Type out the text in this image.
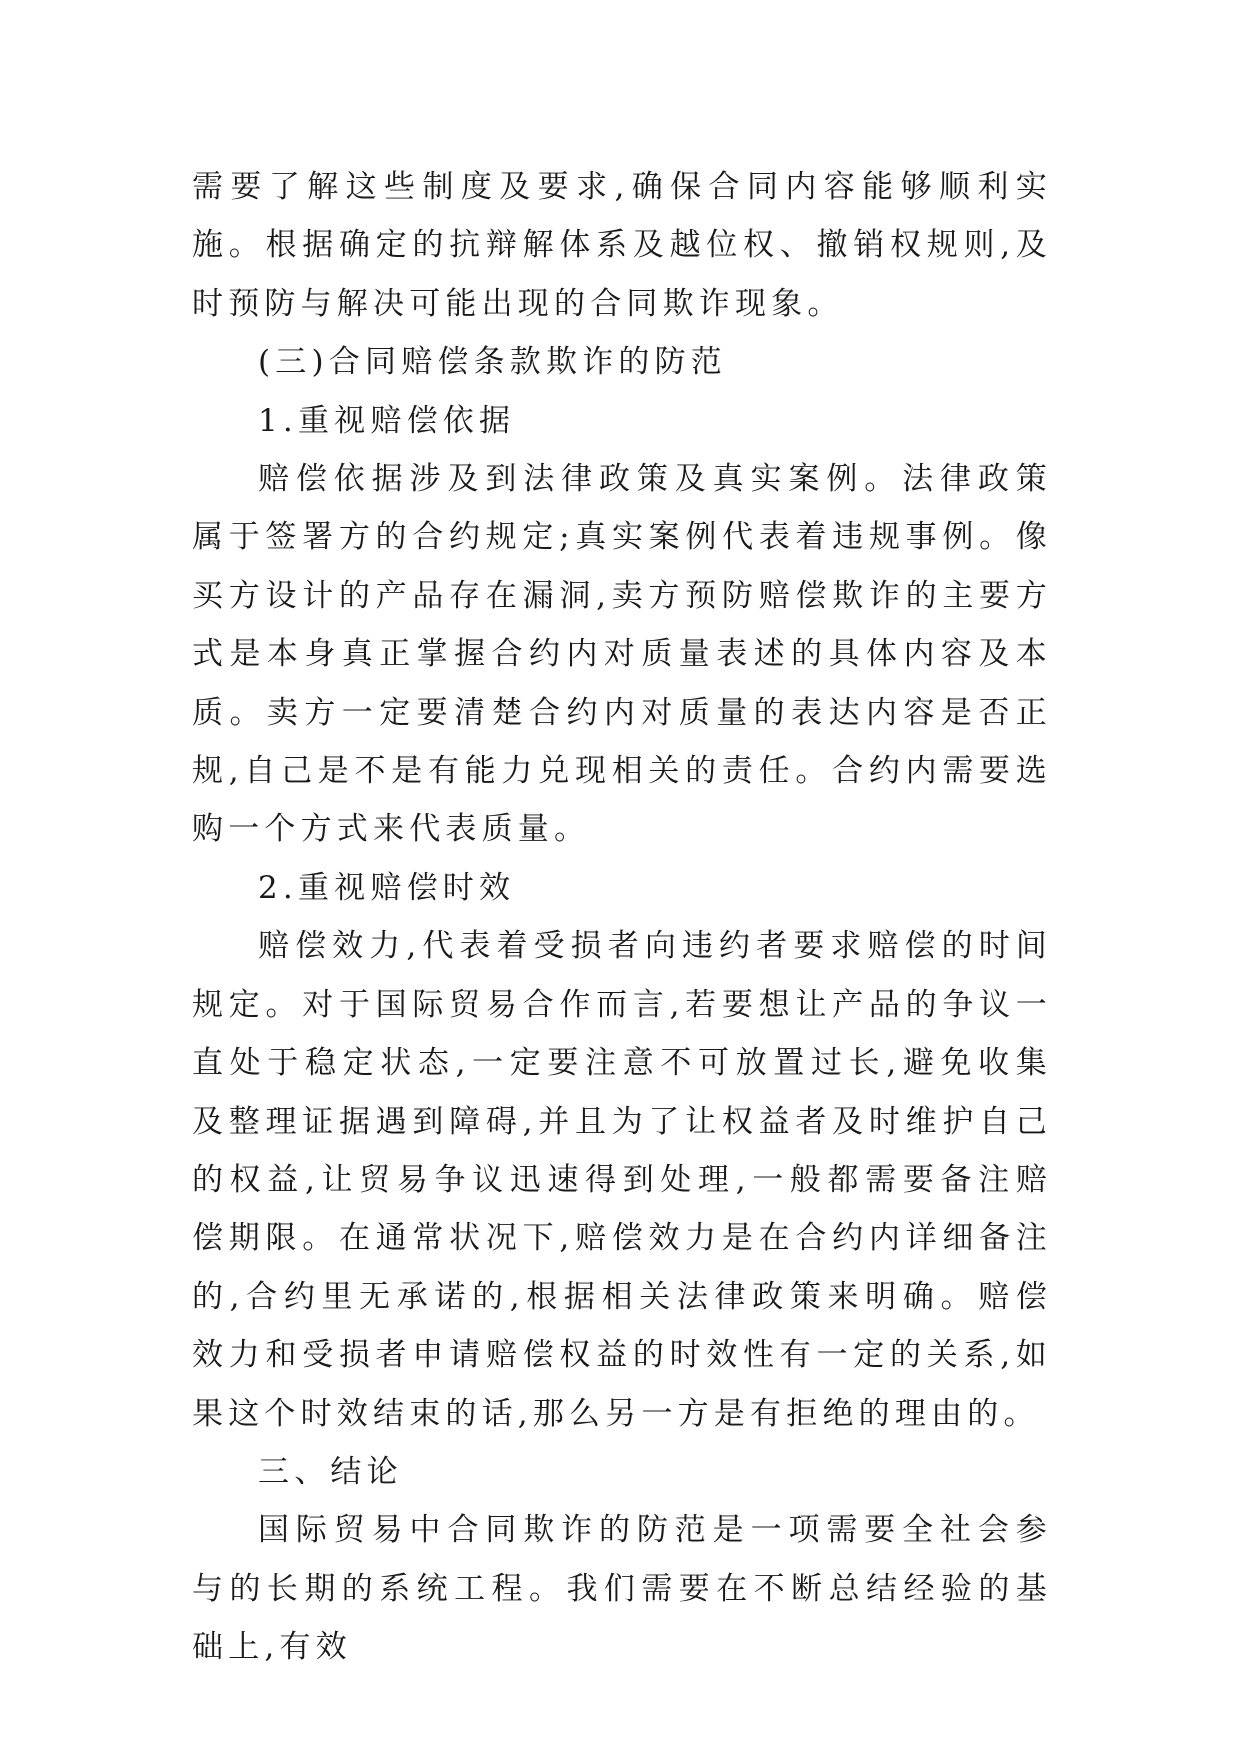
需要了解这些制度及要求,确保合同内容能够顺利实施。根据确定的抗辩解体系及越位权、撤销权规则,及时预防与解决可能出现的合同欺诈现象。

(三)合同赔偿条款欺诈的防范

1.重视赔偿依据

赔偿依据涉及到法律政策及真实案例。法律政策属于签署方的合约规定;真实案例代表着违规事例。像买方设计的产品存在漏洞,卖方预防赔偿欺诈的主要方式是本身真正掌握合约内对质量表述的具体内容及本质。卖方一定要清楚合约内对质量的表达内容是否正规,自己是不是有能力兑现相关的责任。合约内需要选购一个方式来代表质量。

2.重视赔偿时效

赔偿效力,代表着受损者向违约者要求赔偿的时间规定。对于国际贸易合作而言,若要想让产品的争议一直处于稳定状态,一定要注意不可放置过长,避免收集及整理证据遇到障碍,并且为了让权益者及时维护自己的权益,让贸易争议迅速得到处理,一般都需要备注赔偿期限。在通常状况下,赔偿效力是在合约内详细备注的,合约里无承诺的,根据相关法律政策来明确。赔偿效力和受损者申请赔偿权益的时效性有一定的关系,如果这个时效结束的话,那么另一方是有拒绝的理由的。

三、结论

国际贸易中合同欺诈的防范是一项需要全社会参与的长期的系统工程。我们需要在不断总结经验的基础上,有效
